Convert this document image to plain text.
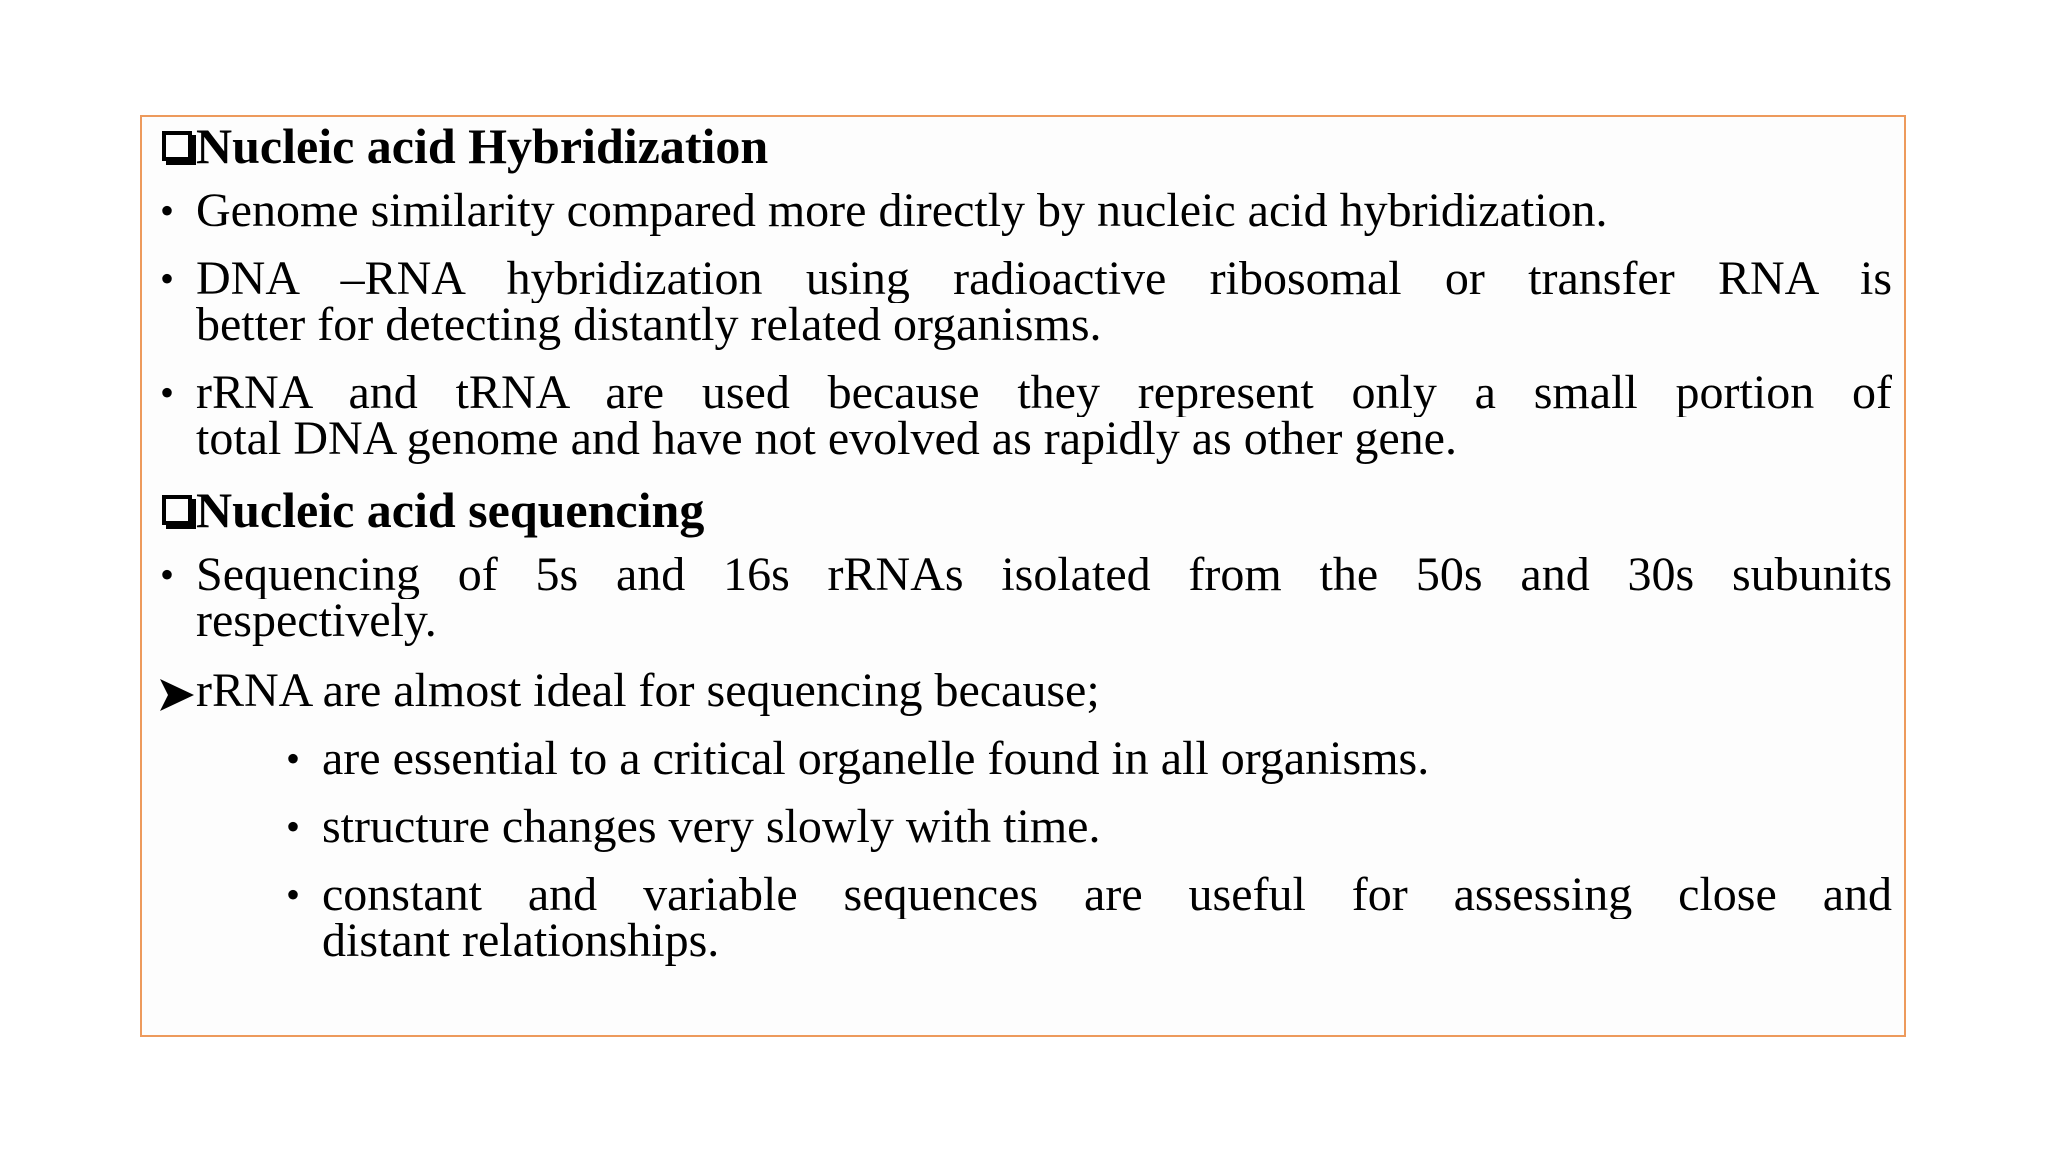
Nucleic acid Hybridization
• Genome similarity compared more directly by nucleic acid hybridization.
• DNA –RNA hybridization using radioactive ribosomal or transfer RNA is
better for detecting distantly related organisms.
• rRNA and tRNA are used because they represent only a small portion of
total DNA genome and have not evolved as rapidly as other gene.
Nucleic acid sequencing
• Sequencing of 5s and 16s rRNAs isolated from the 50s and 30s subunits
respectively.
rRNA are almost ideal for sequencing because;
• are essential to a critical organelle found in all organisms.
• structure changes very slowly with time.
• constant and variable sequences are useful for assessing close and
distant relationships.
